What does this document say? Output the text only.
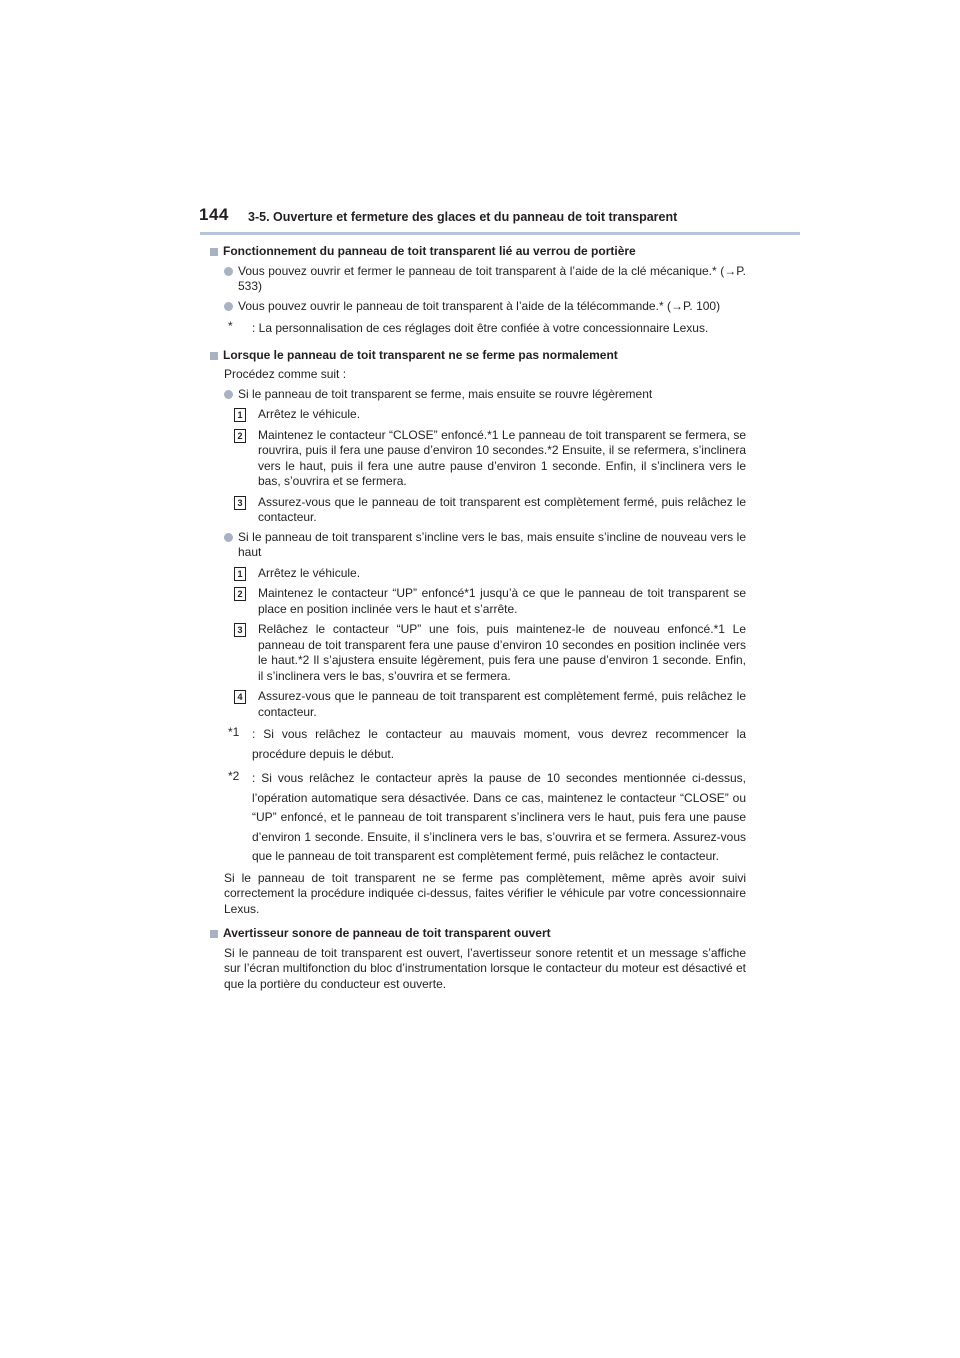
144 3-5. Ouverture et fermeture des glaces et du panneau de toit transparent
Fonctionnement du panneau de toit transparent lié au verrou de portière
Vous pouvez ouvrir et fermer le panneau de toit transparent à l’aide de la clé mécanique.* (→P. 533)
Vous pouvez ouvrir le panneau de toit transparent à l’aide de la télécommande.* (→P. 100)
*	: La personnalisation de ces réglages doit être confiée à votre concessionnaire Lexus.
Lorsque le panneau de toit transparent ne se ferme pas normalement
Procédez comme suit :
Si le panneau de toit transparent se ferme, mais ensuite se rouvre légèrement
1 Arrêtez le véhicule.
2 Maintenez le contacteur “CLOSE” enfoncé.*1 Le panneau de toit transparent se fermera, se rouvrira, puis il fera une pause d’environ 10 secondes.*2 Ensuite, il se refermera, s’inclinera vers le haut, puis il fera une autre pause d’environ 1 seconde. Enfin, il s’inclinera vers le bas, s’ouvrira et se fermera.
3 Assurez-vous que le panneau de toit transparent est complètement fermé, puis relâchez le contacteur.
Si le panneau de toit transparent s’incline vers le bas, mais ensuite s’incline de nouveau vers le haut
1 Arrêtez le véhicule.
2 Maintenez le contacteur “UP” enfoncé*1 jusqu’à ce que le panneau de toit transparent se place en position inclinée vers le haut et s’arrête.
3 Relâchez le contacteur “UP” une fois, puis maintenez-le de nouveau enfoncé.*1 Le panneau de toit transparent fera une pause d’environ 10 secondes en position inclinée vers le haut.*2 Il s’ajustera ensuite légèrement, puis fera une pause d’environ 1 seconde. Enfin, il s’inclinera vers le bas, s’ouvrira et se fermera.
4 Assurez-vous que le panneau de toit transparent est complètement fermé, puis relâchez le contacteur.
*1	: Si vous relâchez le contacteur au mauvais moment, vous devrez recommencer la procédure depuis le début.
*2	: Si vous relâchez le contacteur après la pause de 10 secondes mentionnée ci-dessus, l’opération automatique sera désactivée. Dans ce cas, maintenez le contacteur “CLOSE” ou “UP” enfoncé, et le panneau de toit transparent s’inclinera vers le haut, puis fera une pause d’environ 1 seconde. Ensuite, il s’inclinera vers le bas, s’ouvrira et se fermera. Assurez-vous que le panneau de toit transparent est complètement fermé, puis relâchez le contacteur.
Si le panneau de toit transparent ne se ferme pas complètement, même après avoir suivi correctement la procédure indiquée ci-dessus, faites vérifier le véhicule par votre concessionnaire Lexus.
Avertisseur sonore de panneau de toit transparent ouvert
Si le panneau de toit transparent est ouvert, l’avertisseur sonore retentit et un message s’affiche sur l’écran multifonction du bloc d’instrumentation lorsque le contacteur du moteur est désactivé et que la portière du conducteur est ouverte.
